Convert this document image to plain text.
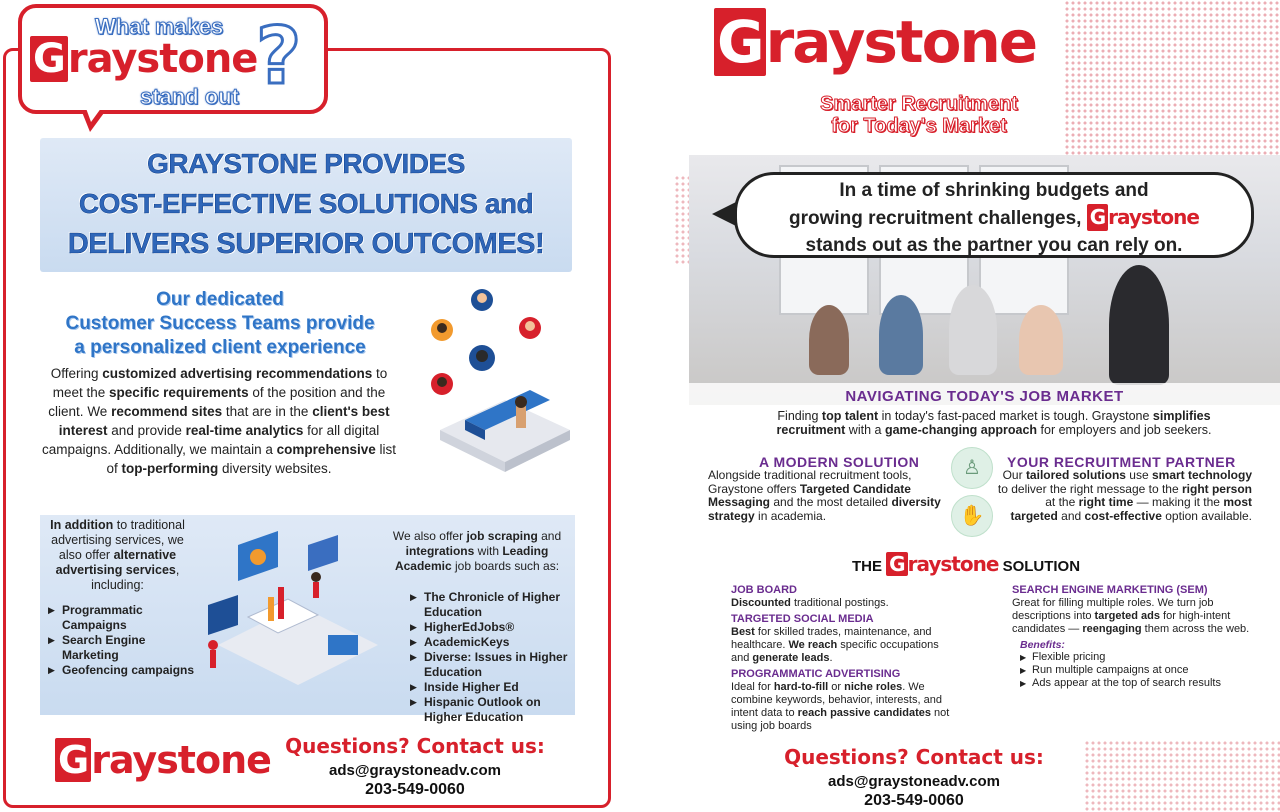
What makes
Graystone
stand out ?
GRAYSTONE PROVIDES
COST-EFFECTIVE SOLUTIONS and
DELIVERS SUPERIOR OUTCOMES!
Our dedicated
Customer Success Teams provide
a personalized client experience
Offering customized advertising recommendations to meet the specific requirements of the position and the client. We recommend sites that are in the client's best interest and provide real-time analytics for all digital campaigns. Additionally, we maintain a comprehensive list of top-performing diversity websites.
In addition to traditional advertising services, we also offer alternative advertising services, including:
▶ Programmatic Campaigns
▶ Search Engine Marketing
▶ Geofencing campaigns
We also offer job scraping and integrations with Leading Academic job boards such as:
▶ The Chronicle of Higher Education
▶ HigherEdJobs®
▶ AcademicKeys
▶ Diverse: Issues in Higher Education
▶ Inside Higher Ed
▶ Hispanic Outlook on Higher Education
Graystone Questions? Contact us:
ads@graystoneadv.com
203-549-0060
Graystone
Smarter Recruitment
for Today's Market
In a time of shrinking budgets and
growing recruitment challenges, G raystone
stands out as the partner you can rely on.
NAVIGATING TODAY'S JOB MARKET
Finding top talent in today's fast-paced market is tough. Graystone simplifies recruitment with a game-changing approach for employers and job seekers.
A MODERN SOLUTION
Alongside traditional recruitment tools, Graystone offers Targeted Candidate Messaging and the most detailed diversity strategy in academia.
♙
✋
YOUR RECRUITMENT PARTNER
Our tailored solutions use smart technology to deliver the right message to the right person at the right time — making it the most targeted and cost-effective option available.
THE G raystone SOLUTION
JOB BOARD
Discounted traditional postings.
TARGETED SOCIAL MEDIA
Best for skilled trades, maintenance, and healthcare. We reach specific occupations and generate leads.
PROGRAMMATIC ADVERTISING
Ideal for hard-to-fill or niche roles. We combine keywords, behavior, interests, and intent data to reach passive candidates not using job boards
SEARCH ENGINE MARKETING (SEM)
Great for filling multiple roles. We turn job descriptions into targeted ads for high-intent candidates — reengaging them across the web.
Benefits:
▶ Flexible pricing
▶ Run multiple campaigns at once
▶ Ads appear at the top of search results
Questions? Contact us:
ads@graystoneadv.com
203-549-0060
